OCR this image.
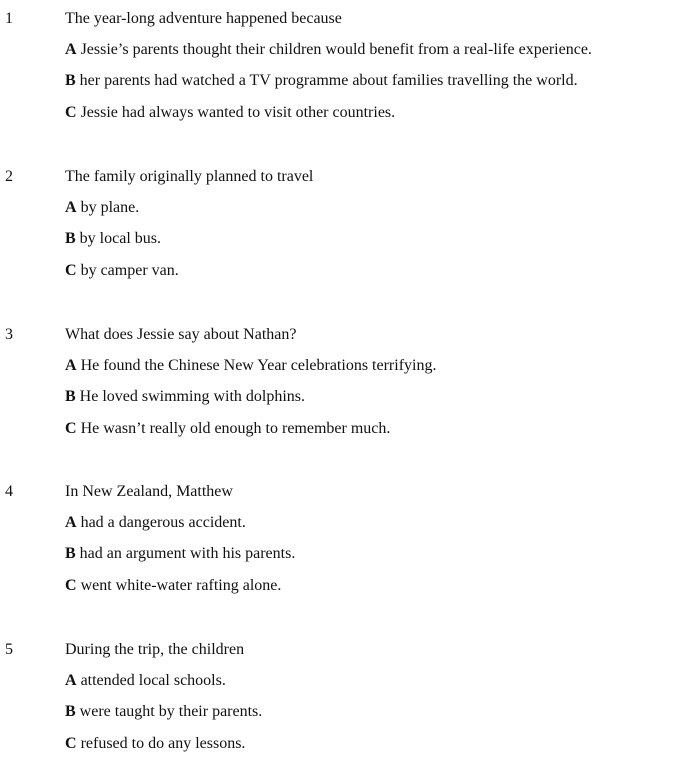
1	The year-long adventure happened because
A Jessie’s parents thought their children would benefit from a real-life experience.
B her parents had watched a TV programme about families travelling the world.
C Jessie had always wanted to visit other countries.
2	The family originally planned to travel
A by plane.
B by local bus.
C by camper van.
3	What does Jessie say about Nathan?
A He found the Chinese New Year celebrations terrifying.
B He loved swimming with dolphins.
C He wasn’t really old enough to remember much.
4	In New Zealand, Matthew
A had a dangerous accident.
B had an argument with his parents.
C went white-water rafting alone.
5	During the trip, the children
A attended local schools.
B were taught by their parents.
C refused to do any lessons.
